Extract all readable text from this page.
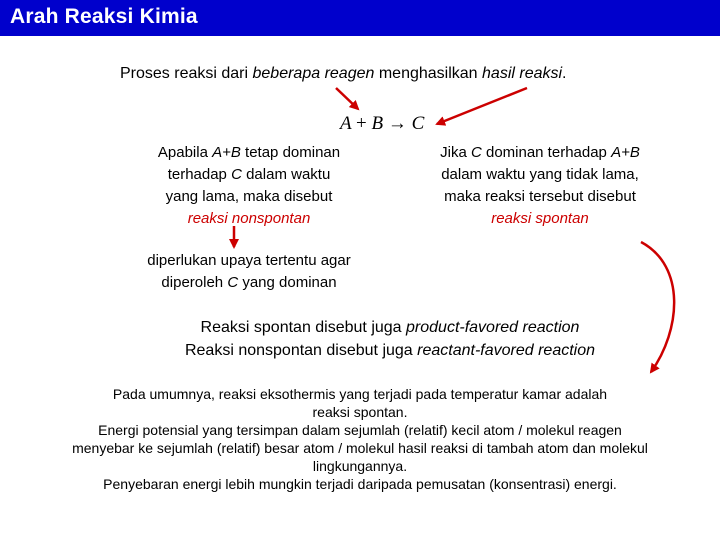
Arah Reaksi Kimia
Proses reaksi dari beberapa reagen menghasilkan hasil reaksi.
A + B → C
Apabila A+B tetap dominan
terhadap C dalam waktu
yang lama, maka disebut
reaksi nonspontan
Jika C dominan terhadap A+B
dalam waktu yang tidak lama,
maka reaksi tersebut disebut
reaksi spontan
diperlukan upaya tertentu agar
diperoleh C yang dominan
Reaksi spontan disebut juga product-favored reaction
Reaksi nonspontan disebut juga reactant-favored reaction
Pada umumnya, reaksi eksothermis yang terjadi pada temperatur kamar adalah
reaksi spontan.
Energi potensial yang tersimpan dalam sejumlah (relatif) kecil atom / molekul reagen
menyebar ke sejumlah (relatif) besar atom / molekul hasil reaksi di tambah atom dan molekul
lingkungannya.
Penyebaran energi lebih mungkin terjadi daripada pemusatan (konsentrasi) energi.
